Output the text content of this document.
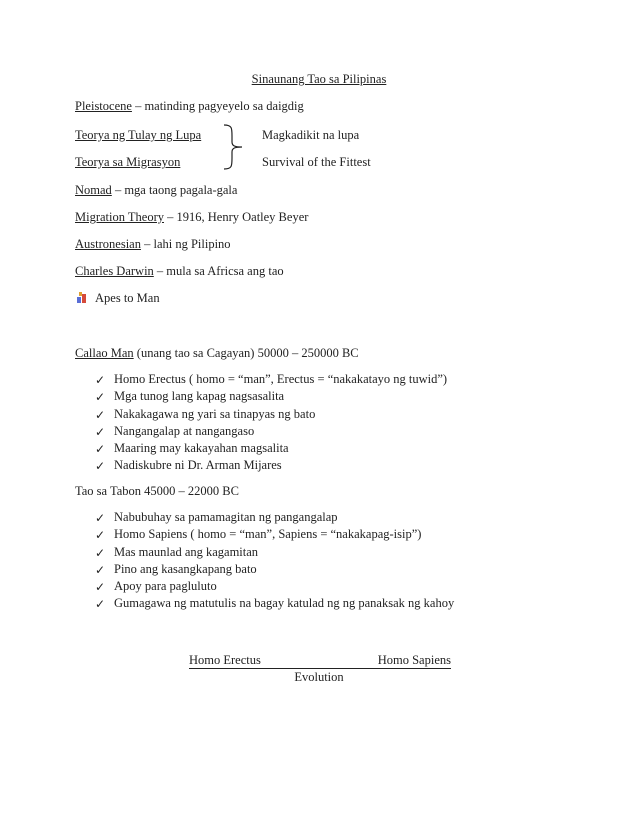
Sinaunang Tao sa Pilipinas
Pleistocene – matinding pagyeyelo sa daigdig
Teorya ng Tulay ng Lupa
Teorya sa Migrasyon
Magkadikit na lupa
Survival of the Fittest
Nomad – mga taong pagala-gala
Migration Theory – 1916, Henry Oatley Beyer
Austronesian – lahi ng Pilipino
Charles Darwin – mula sa Africsa ang tao
Apes to Man
Callao Man (unang tao sa Cagayan) 50000 – 250000 BC
✓ Homo Erectus ( homo = “man”, Erectus = “nakakatayo ng tuwid”)
✓ Mga tunog lang kapag nagsasalita
✓ Nakakagawa ng yari sa tinapyas ng bato
✓ Nangangalap at nangangaso
✓ Maaring may kakayahan magsalita
✓ Nadiskubre ni Dr. Arman Mijares
Tao sa Tabon 45000 – 22000 BC
✓ Nabubuhay sa pamamagitan ng pangangalap
✓ Homo Sapiens ( homo = “man”, Sapiens = “nakakapag-isip”)
✓ Mas maunlad ang kagamitan
✓ Pino ang kasangkapang bato
✓ Apoy para pagluluto
✓ Gumagawa ng matutulis na bagay katulad ng ng panaksak ng kahoy
Homo Erectus	Homo Sapiens
Evolution
